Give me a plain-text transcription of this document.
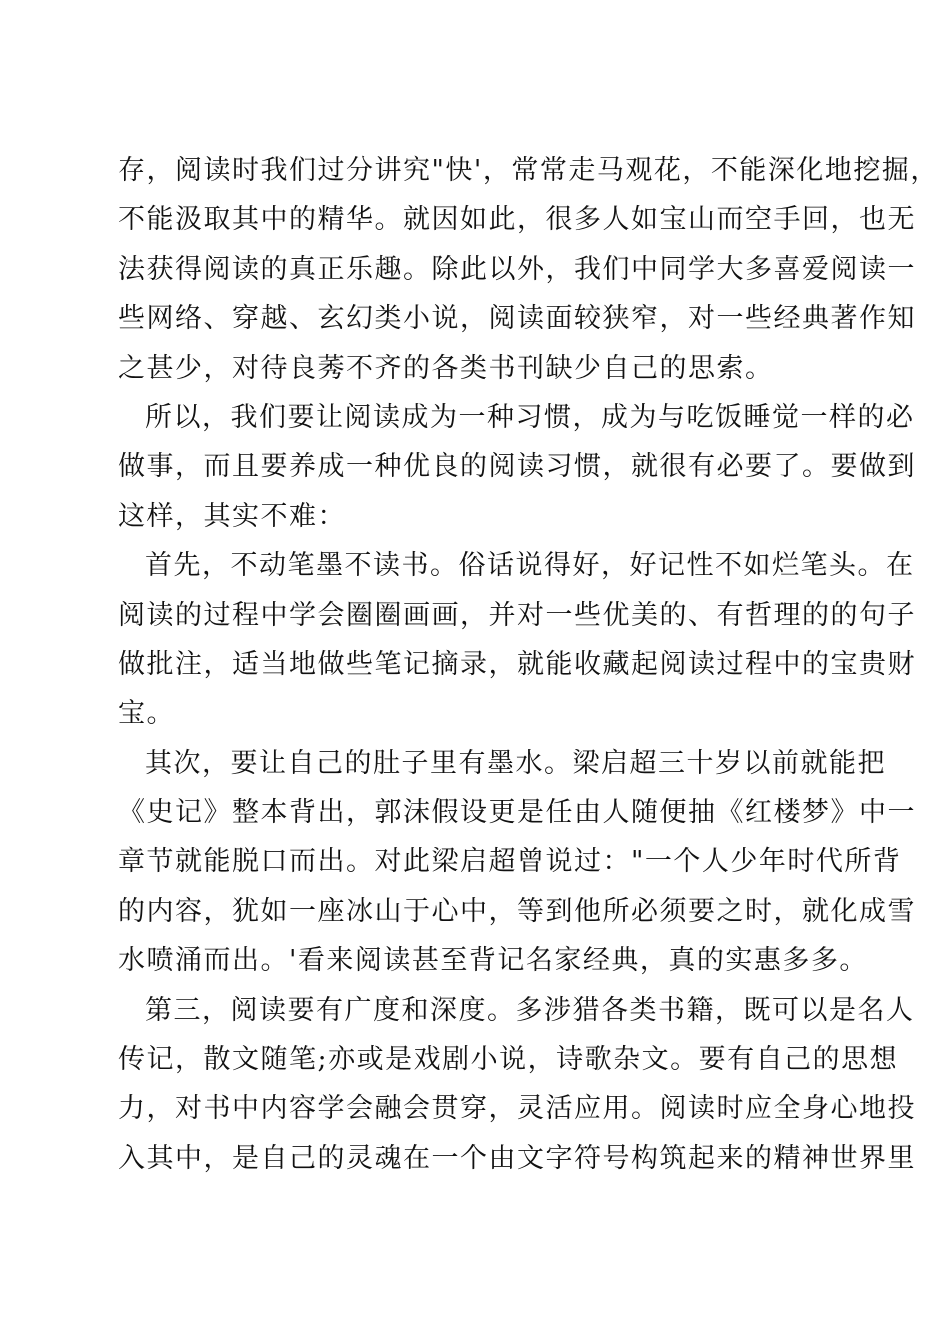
存，阅读时我们过分讲究"快'，常常走马观花，不能深化地挖掘，
不能汲取其中的精华。就因如此，很多人如宝山而空手回，也无
法获得阅读的真正乐趣。除此以外，我们中同学大多喜爱阅读一
些网络、穿越、玄幻类小说，阅读面较狭窄，对一些经典著作知
之甚少，对待良莠不齐的各类书刊缺少自己的思索。
所以，我们要让阅读成为一种习惯，成为与吃饭睡觉一样的必
做事，而且要养成一种优良的阅读习惯，就很有必要了。要做到
这样，其实不难：
首先，不动笔墨不读书。俗话说得好，好记性不如烂笔头。在
阅读的过程中学会圈圈画画，并对一些优美的、有哲理的的句子
做批注，适当地做些笔记摘录，就能收藏起阅读过程中的宝贵财
宝。
其次，要让自己的肚子里有墨水。梁启超三十岁以前就能把
《史记》整本背出，郭沫假设更是任由人随便抽《红楼梦》中一
章节就能脱口而出。对此梁启超曾说过："一个人少年时代所背
的内容，犹如一座冰山于心中，等到他所必须要之时，就化成雪
水喷涌而出。'看来阅读甚至背记名家经典，真的实惠多多。
第三，阅读要有广度和深度。多涉猎各类书籍，既可以是名人
传记，散文随笔;亦或是戏剧小说，诗歌杂文。要有自己的思想
力，对书中内容学会融会贯穿，灵活应用。阅读时应全身心地投
入其中，是自己的灵魂在一个由文字符号构筑起来的精神世界里
